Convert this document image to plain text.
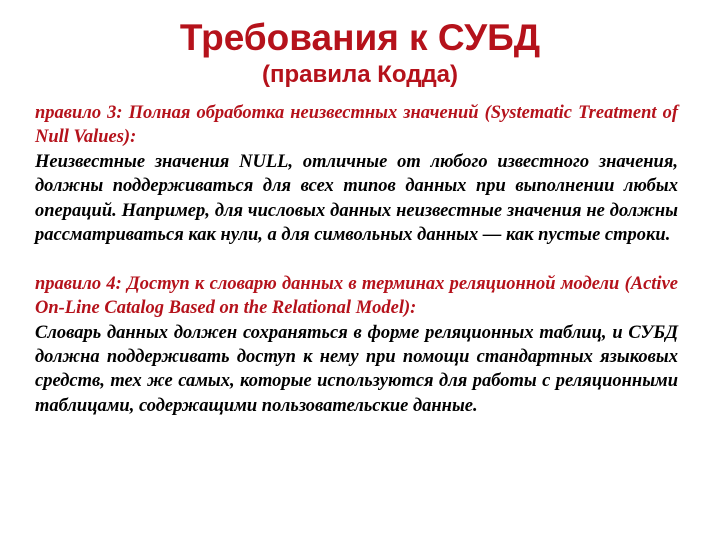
Требования к СУБД
(правила Кодда)

правило 3: Полная обработка неизвестных значений (Systematic Treatment of Null Values):

Неизвестные значения NULL, отличные от любого известного значения, должны поддерживаться для всех типов данных при выполнении любых операций. Например, для числовых данных неизвестные значения не должны рассматриваться как нули, а для символьных данных — как пустые строки.

правило 4: Доступ к словарю данных в терминах реляционной модели (Active On-Line Catalog Based on the Relational Model):

Словарь данных должен сохраняться в форме реляционных таблиц, и СУБД должна поддерживать доступ к нему при помощи стандартных языковых средств, тех же самых, которые используются для работы с реляционными таблицами, содержащими пользовательские данные.
